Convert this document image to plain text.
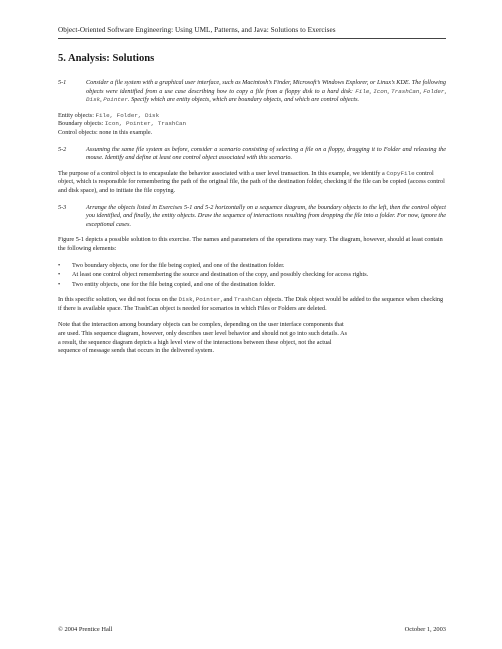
Object-Oriented Software Engineering: Using UML, Patterns, and Java: Solutions to Exercises
5. Analysis: Solutions

5-1	Consider a file system with a graphical user interface, such as Macintosh’s Finder, Microsoft’s Windows Explorer, or Linux’s KDE. The following objects were identified from a use case describing how to copy a file from a floppy disk to a hard disk: File, Icon, TrashCan, Folder, Disk, Pointer. Specify which are entity objects, which are boundary objects, and which are control objects.

Entity objects: File, Folder, Disk
Boundary objects: Icon, Pointer, TrashCan
Control objects: none in this example.

5-2	Assuming the same file system as before, consider a scenario consisting of selecting a file on a floppy, dragging it to Folder and releasing the mouse. Identify and define at least one control object associated with this scenario.

The purpose of a control object is to encapsulate the behavior associated with a user level transaction. In this example, we identify a CopyFile control object, which is responsible for remembering the path of the original file, the path of the destination folder, checking if the file can be copied (access control and disk space), and to initiate the file copying.

5-3	Arrange the objects listed in Exercises 5-1 and 5-2 horizontally on a sequence diagram, the boundary objects to the left, then the control object you identified, and finally, the entity objects. Draw the sequence of interactions resulting from dropping the file into a folder. For now, ignore the exceptional cases.

Figure 5-1 depicts a possible solution to this exercise. The names and parameters of the operations may vary. The diagram, however, should at least contain the following elements:

• Two boundary objects, one for the file being copied, and one of the destination folder.
• At least one control object remembering the source and destination of the copy, and possibly checking for access rights.
• Two entity objects, one for the file being copied, and one of the destination folder.

In this specific solution, we did not focus on the Disk, Pointer, and TrashCan objects. The Disk object would be added to the sequence when checking if there is available space. The TrashCan object is needed for scenarios in which Files or Folders are deleted.

Note that the interaction among boundary objects can be complex, depending on the user interface components that
are used. This sequence diagram, however, only describes user level behavior and should not go into such details. As
a result, the sequence diagram depicts a high level view of the interactions between these object, not the actual
sequence of message sends that occurs in the delivered system.
© 2004 Prentice Hall	October 1, 2003
